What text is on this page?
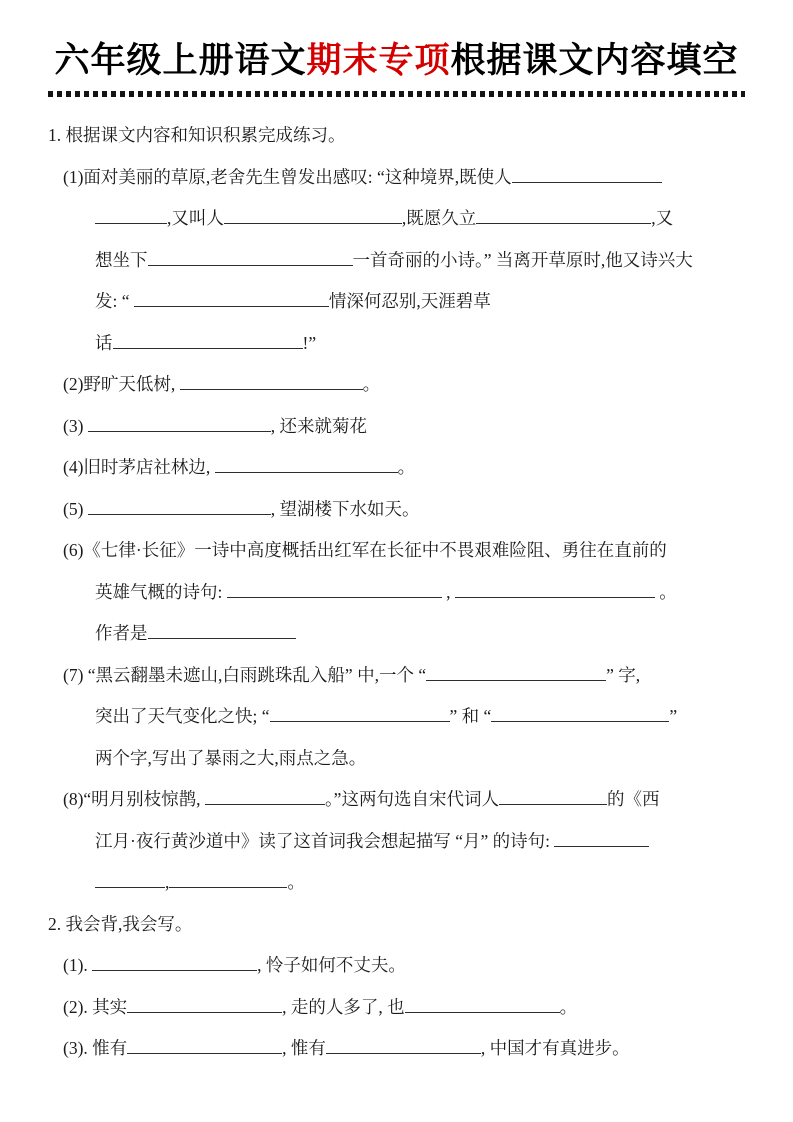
六年级上册语文期末专项根据课文内容填空
1. 根据课文内容和知识积累完成练习。
(1)面对美丽的草原,老舍先生曾发出感叹: “这种境界,既使人
,又叫人	,既愿久立	,又
想坐下	一首奇丽的小诗。” 当离开草原时,他又诗兴大
发: “	情深何忍别,天涯碧草
话	!”
(2)野旷天低树,	。
(3)	, 还来就菊花
(4)旧时茅店社林边,	。
(5)	, 望湖楼下水如天。
(6)《七律·长征》一诗中高度概括出红军在长征中不畏艰难险阻、勇往在直前的
英雄气概的诗句:	,	。
作者是
(7) “黑云翻墨未遮山,白雨跳珠乱入船” 中,一个 “	” 字,
突出了天气变化之快; “	” 和 “	”
两个字,写出了暴雨之大,雨点之急。
(8)“明月别枝惊鹊,	。”这两句选自宋代词人	的《西
江月·夜行黄沙道中》读了这首词我会想起描写 “月” 的诗句:
,	。
2. 我会背,我会写。
(1).	, 怜子如何不丈夫。
(2). 其实	, 走的人多了, 也	。
(3). 惟有	, 惟有	, 中国才有真进步。
